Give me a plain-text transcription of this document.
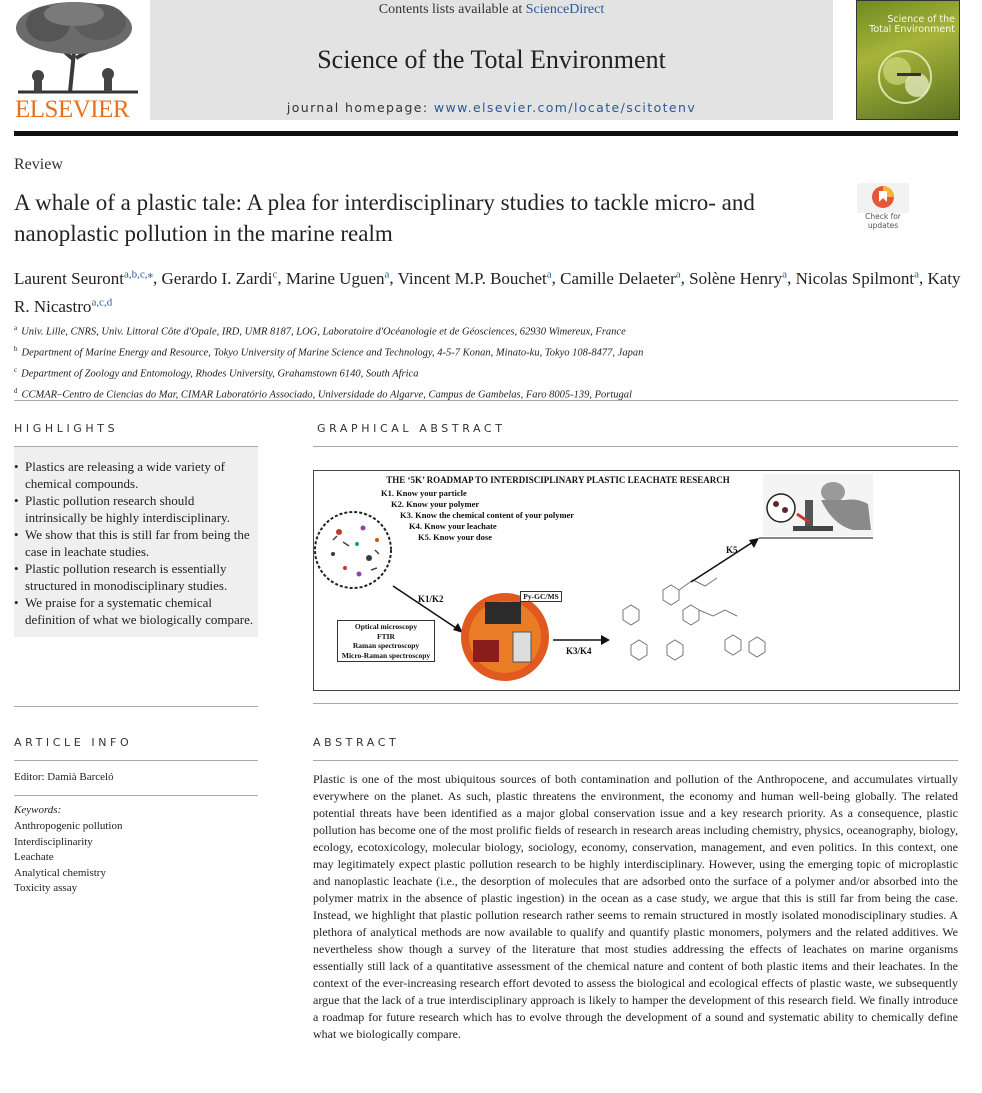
ELSEVIER
Contents lists available at ScienceDirect
Science of the Total Environment
journal homepage: www.elsevier.com/locate/scitotenv
Science of the Total Environment
Review
A whale of a plastic tale: A plea for interdisciplinary studies to tackle micro- and nanoplastic pollution in the marine realm
Check for updates
Laurent Seuront$^{a,b,c,⁎}$, Gerardo I. Zardi$^c$, Marine Uguen$^a$, Vincent M.P. Bouchet$^a$, Camille Delaeter$^a$, Solène Henry$^a$, Nicolas Spilmont$^a$, Katy R. Nicastro$^{a,c,d}$
$^a$ Univ. Lille, CNRS, Univ. Littoral Côte d'Opale, IRD, UMR 8187, LOG, Laboratoire d'Océanologie et de Géosciences, 62930 Wimereux, France
$^b$ Department of Marine Energy and Resource, Tokyo University of Marine Science and Technology, 4-5-7 Konan, Minato-ku, Tokyo 108-8477, Japan
$^c$ Department of Zoology and Entomology, Rhodes University, Grahamstown 6140, South Africa
$^d$ CCMAR–Centro de Ciencias do Mar, CIMAR Laboratório Associado, Universidade do Algarve, Campus de Gambelas, Faro 8005-139, Portugal
HIGHLIGHTS
• Plastics are releasing a wide variety of chemical compounds.
• Plastic pollution research should intrinsically be highly interdisciplinary.
• We show that this is still far from being the case in leachate studies.
• Plastic pollution research is essentially structured in monodisciplinary studies.
• We praise for a systematic chemical definition of what we biologically compare.
GRAPHICAL ABSTRACT
THE ‘5K’ ROADMAP TO INTERDISCIPLINARY PLASTIC LEACHATE RESEARCH
K1. Know your particle
K2. Know your polymer
K3. Know the chemical content of your polymer
K4. Know your leachate
K5. Know your dose
K1/K2
K3/K4
K5
Py-GC/MS
Optical microscopy
FTIR
Raman spectroscopy
Micro-Raman spectroscopy
ARTICLE INFO
Editor: Damià Barceló
Keywords:
Anthropogenic pollution
Interdisciplinarity
Leachate
Analytical chemistry
Toxicity assay
ABSTRACT
Plastic is one of the most ubiquitous sources of both contamination and pollution of the Anthropocene, and accumulates virtually everywhere on the planet. As such, plastic threatens the environment, the economy and human well-being globally. The related potential threats have been identified as a major global conservation issue and a key research priority. As a consequence, plastic pollution has become one of the most prolific fields of research in research areas including chemistry, physics, oceanography, biology, ecology, ecotoxicology, molecular biology, sociology, economy, conservation, management, and even politics. In this context, one may legitimately expect plastic pollution research to be highly interdisciplinary. However, using the emerging topic of microplastic and nanoplastic leachate (i.e., the desorption of molecules that are adsorbed onto the surface of a polymer and/or absorbed into the polymer matrix in the absence of plastic ingestion) in the ocean as a case study, we argue that this is still far from being the case. Instead, we highlight that plastic pollution research rather seems to remain structured in mostly isolated monodisciplinary studies. A plethora of analytical methods are now available to qualify and quantify plastic monomers, polymers and the related additives. We nevertheless show though a survey of the literature that most studies addressing the effects of leachates on marine organisms essentially still lack of a quantitative assessment of the chemical nature and content of both plastic items and their leachates. In the context of the ever-increasing research effort devoted to assess the biological and ecological effects of plastic waste, we subsequently argue that the lack of a true interdisciplinary approach is likely to hamper the development of this research field. We finally introduce a roadmap for future research which has to evolve through the development of a sound and systematic ability to chemically define what we biologically compare.
